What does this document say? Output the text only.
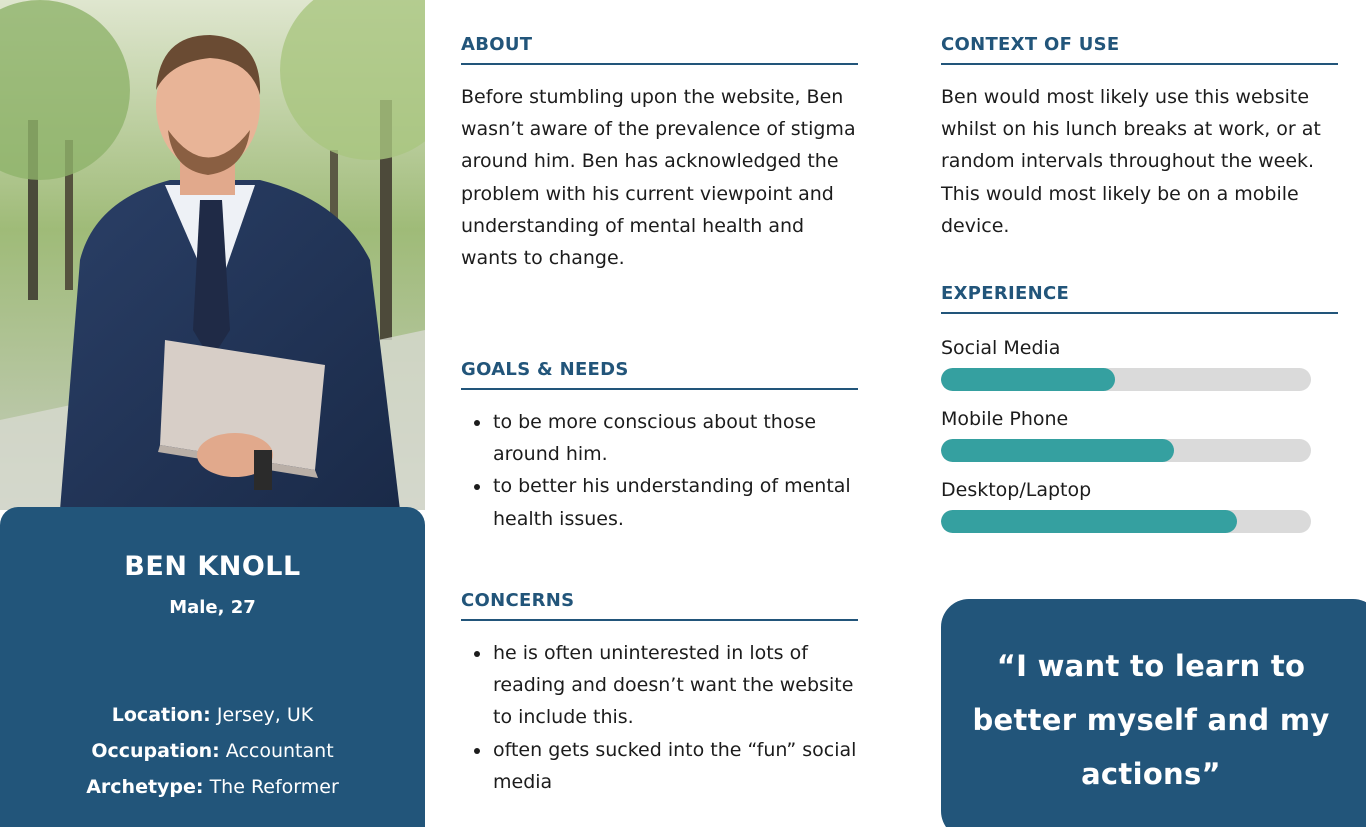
BEN KNOLL
Male, 27
Location: Jersey, UK
Occupation: Accountant
Archetype: The Reformer
ABOUT

Before stumbling upon the website, Ben wasn’t aware of the prevalence of stigma around him. Ben has acknowledged the problem with his current viewpoint and understanding of mental health and wants to change.

GOALS & NEEDS
to be more conscious about those around him.
to better his understanding of mental health issues.
CONCERNS
he is often uninterested in lots of reading and doesn’t want the website to include this.
often gets sucked into the “fun” social media
CONTEXT OF USE

Ben would most likely use this website whilst on his lunch breaks at work, or at random intervals throughout the week. This would most likely be on a mobile device.

EXPERIENCE
Social Media
Mobile Phone
Desktop/Laptop
“I want to learn to better myself and my actions”
